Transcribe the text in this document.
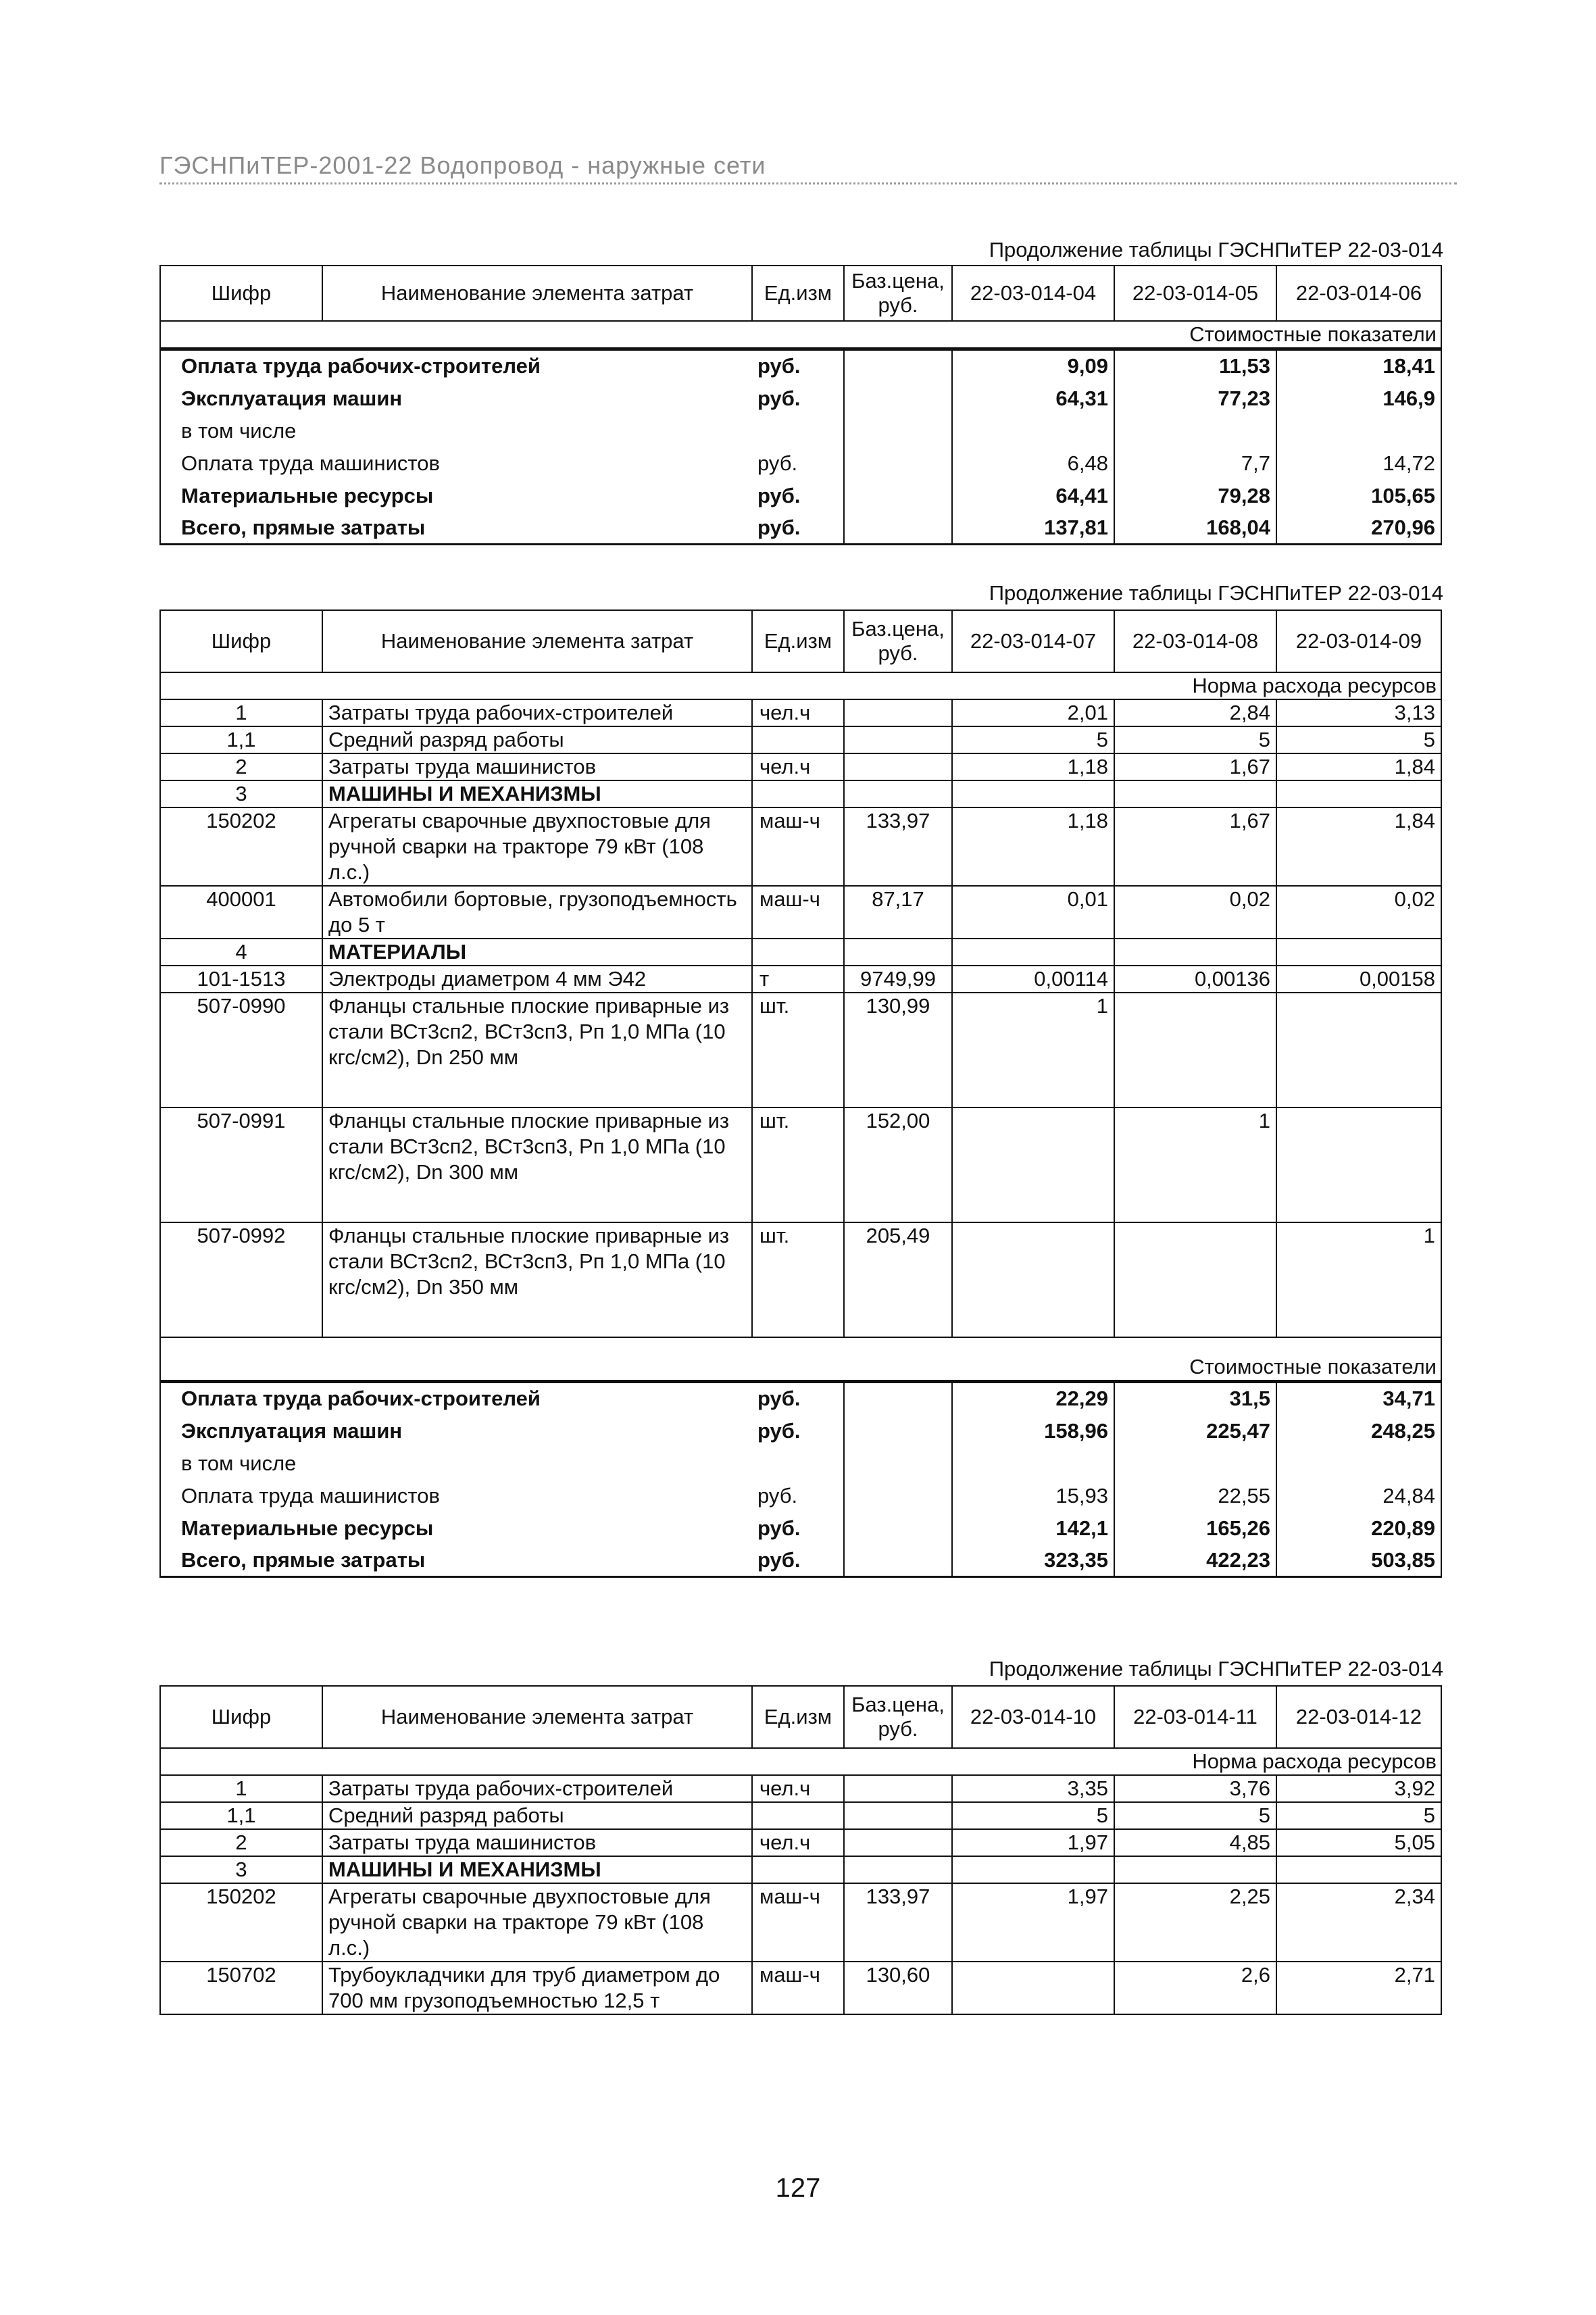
ГЭСНПиТЕР-2001-22 Водопровод - наружные сети
Продолжение таблицы ГЭСНПиТЕР 22-03-014
Шифр	Наименование элемента затрат	Ед.изм	Баз.цена, руб.	22-03-014-04	22-03-014-05	22-03-014-06
Стоимостные показатели
Оплата труда рабочих-строителей	руб.		9,09	11,53	18,41
Эксплуатация машин	руб.		64,31	77,23	146,9
в том числе					
Оплата труда машинистов	руб.		6,48	7,7	14,72
Материальные ресурсы	руб.		64,41	79,28	105,65
Всего, прямые затраты	руб.		137,81	168,04	270,96
Продолжение таблицы ГЭСНПиТЕР 22-03-014
Шифр	Наименование элемента затрат	Ед.изм	Баз.цена, руб.	22-03-014-07	22-03-014-08	22-03-014-09
Норма расхода ресурсов						
1	Затраты труда рабочих-строителей	чел.ч		2,01	2,84	3,13
1,1	Средний разряд работы			5	5	5
2	Затраты труда машинистов	чел.ч		1,18	1,67	1,84
3	МАШИНЫ И МЕХАНИЗМЫ					
150202	Агрегаты сварочные двухпостовые для ручной сварки на тракторе 79 кВт (108 л.с.)	маш-ч	133,97	1,18	1,67	1,84
400001	Автомобили бортовые, грузоподъемность до 5 т	маш-ч	87,17	0,01	0,02	0,02
4	МАТЕРИАЛЫ					
101-1513	Электроды диаметром 4 мм Э42	т	9749,99	0,00114	0,00136	0,00158
507-0990	Фланцы стальные плоские приварные из стали ВСт3сп2, ВСт3сп3, Рп 1,0 МПа (10 кгс/см2), Dn 250 мм	шт.	130,99	1		
507-0991	Фланцы стальные плоские приварные из стали ВСт3сп2, ВСт3сп3, Рп 1,0 МПа (10 кгс/см2), Dn 300 мм	шт.	152,00		1	
507-0992	Фланцы стальные плоские приварные из стали ВСт3сп2, ВСт3сп3, Рп 1,0 МПа (10 кгс/см2), Dn 350 мм	шт.	205,49			1
Стоимостные показатели						
Оплата труда рабочих-строителей	руб.		22,29	31,5	34,71
Эксплуатация машин	руб.		158,96	225,47	248,25
в том числе					
Оплата труда машинистов	руб.		15,93	22,55	24,84
Материальные ресурсы	руб.		142,1	165,26	220,89
Всего, прямые затраты	руб.		323,35	422,23	503,85
Продолжение таблицы ГЭСНПиТЕР 22-03-014
Шифр	Наименование элемента затрат	Ед.изм	Баз.цена, руб.	22-03-014-10	22-03-014-11	22-03-014-12
Норма расхода ресурсов						
1	Затраты труда рабочих-строителей	чел.ч		3,35	3,76	3,92
1,1	Средний разряд работы			5	5	5
2	Затраты труда машинистов	чел.ч		1,97	4,85	5,05
3	МАШИНЫ И МЕХАНИЗМЫ					
150202	Агрегаты сварочные двухпостовые для ручной сварки на тракторе 79 кВт (108 л.с.)	маш-ч	133,97	1,97	2,25	2,34
150702	Трубоукладчики для труб диаметром до 700 мм грузоподъемностью 12,5 т	маш-ч	130,60		2,6	2,71
127
